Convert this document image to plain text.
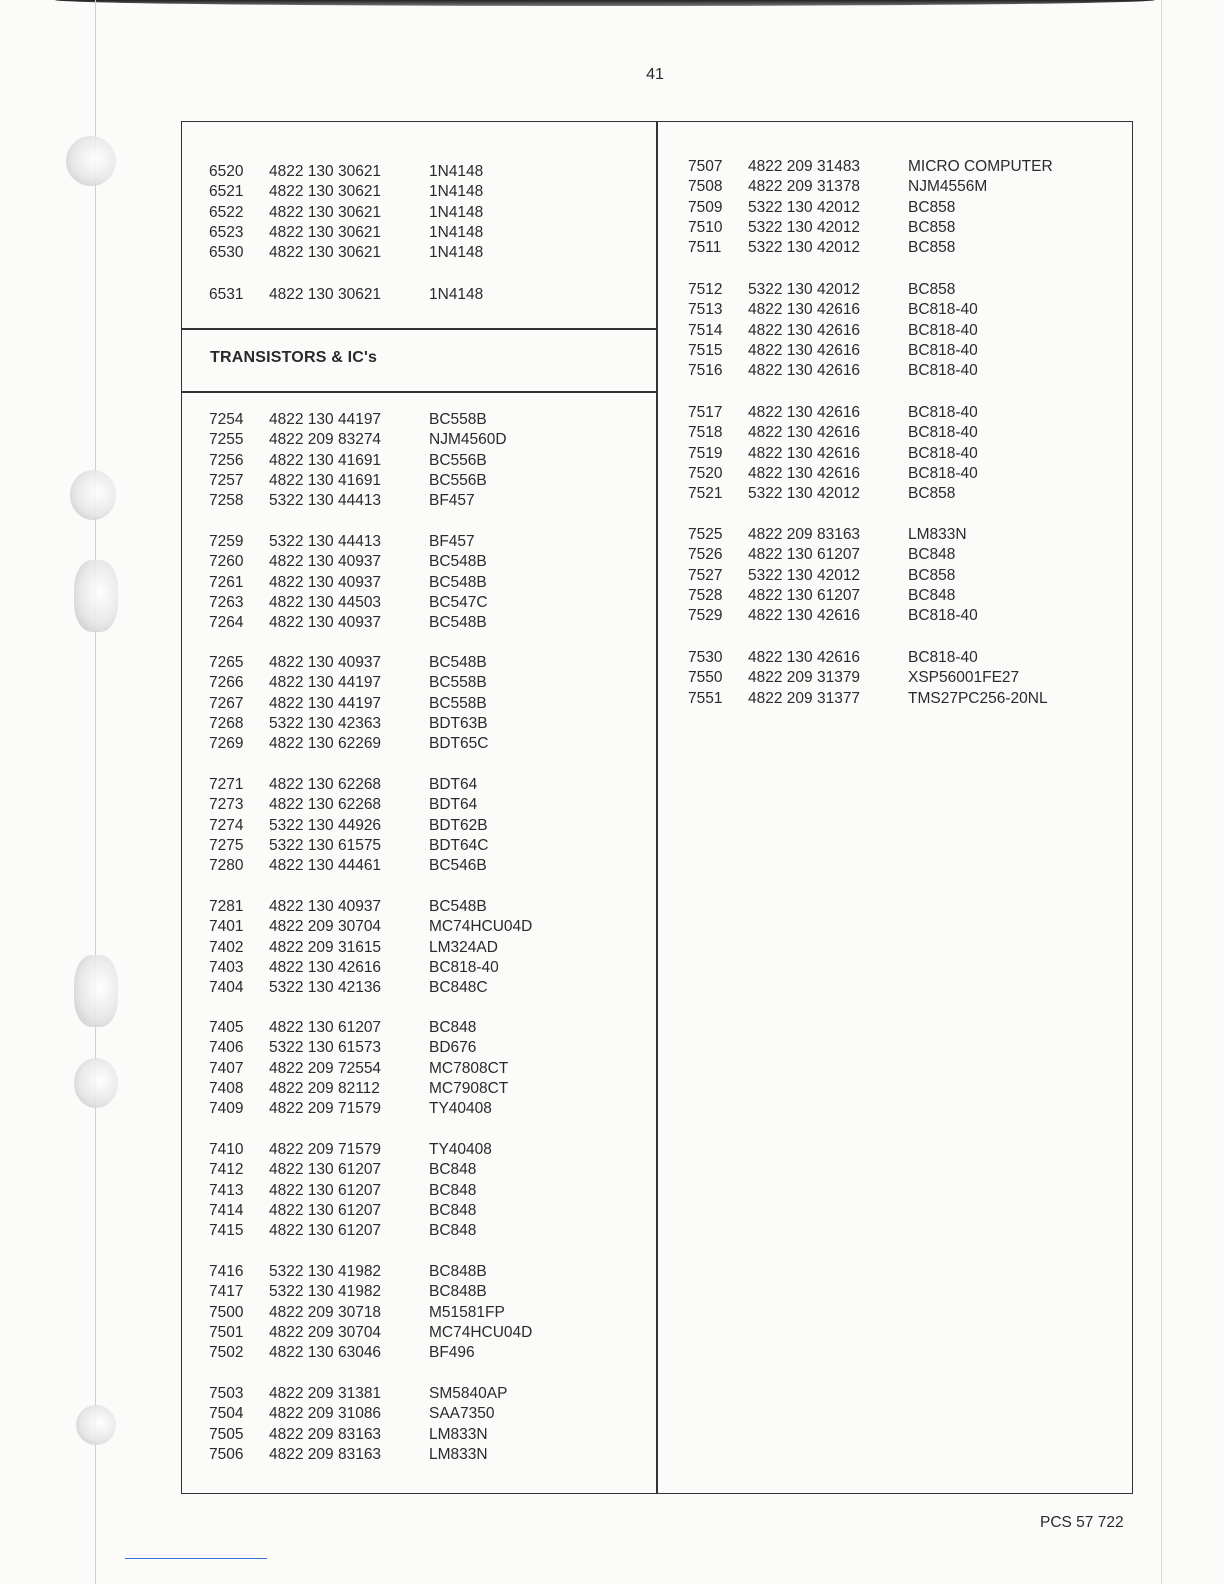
41
TRANSISTORS & IC's
6520	4822 130 30621	1N4148
6521	4822 130 30621	1N4148
6522	4822 130 30621	1N4148
6523	4822 130 30621	1N4148
6530	4822 130 30621	1N4148
6531	4822 130 30621	1N4148
7254	4822 130 44197	BC558B
7255	4822 209 83274	NJM4560D
7256	4822 130 41691	BC556B
7257	4822 130 41691	BC556B
7258	5322 130 44413	BF457
7259	5322 130 44413	BF457
7260	4822 130 40937	BC548B
7261	4822 130 40937	BC548B
7263	4822 130 44503	BC547C
7264	4822 130 40937	BC548B
7265	4822 130 40937	BC548B
7266	4822 130 44197	BC558B
7267	4822 130 44197	BC558B
7268	5322 130 42363	BDT63B
7269	4822 130 62269	BDT65C
7271	4822 130 62268	BDT64
7273	4822 130 62268	BDT64
7274	5322 130 44926	BDT62B
7275	5322 130 61575	BDT64C
7280	4822 130 44461	BC546B
7281	4822 130 40937	BC548B
7401	4822 209 30704	MC74HCU04D
7402	4822 209 31615	LM324AD
7403	4822 130 42616	BC818-40
7404	5322 130 42136	BC848C
7405	4822 130 61207	BC848
7406	5322 130 61573	BD676
7407	4822 209 72554	MC7808CT
7408	4822 209 82112	MC7908CT
7409	4822 209 71579	TY40408
7410	4822 209 71579	TY40408
7412	4822 130 61207	BC848
7413	4822 130 61207	BC848
7414	4822 130 61207	BC848
7415	4822 130 61207	BC848
7416	5322 130 41982	BC848B
7417	5322 130 41982	BC848B
7500	4822 209 30718	M51581FP
7501	4822 209 30704	MC74HCU04D
7502	4822 130 63046	BF496
7503	4822 209 31381	SM5840AP
7504	4822 209 31086	SAA7350
7505	4822 209 83163	LM833N
7506	4822 209 83163	LM833N
7507	4822 209 31483	MICRO COMPUTER
7508	4822 209 31378	NJM4556M
7509	5322 130 42012	BC858
7510	5322 130 42012	BC858
7511	5322 130 42012	BC858
7512	5322 130 42012	BC858
7513	4822 130 42616	BC818-40
7514	4822 130 42616	BC818-40
7515	4822 130 42616	BC818-40
7516	4822 130 42616	BC818-40
7517	4822 130 42616	BC818-40
7518	4822 130 42616	BC818-40
7519	4822 130 42616	BC818-40
7520	4822 130 42616	BC818-40
7521	5322 130 42012	BC858
7525	4822 209 83163	LM833N
7526	4822 130 61207	BC848
7527	5322 130 42012	BC858
7528	4822 130 61207	BC848
7529	4822 130 42616	BC818-40
7530	4822 130 42616	BC818-40
7550	4822 209 31379	XSP56001FE27
7551	4822 209 31377	TMS27PC256-20NL
PCS 57 722
